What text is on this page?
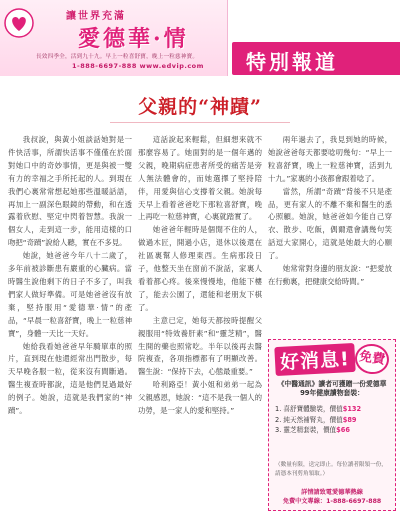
讓世界充滿
愛德華·情
長效四季全，活到九十九。早上一粒喜舒寶，晚上一粒慈神寶。
1-888-6697-888 www.edvip.com 特別報道
父親的“神蹟”

我叔說，與黃小姐談話她對是一件快活事，所謂快活事不僅僅在於面對她口中的奇妙事情，更是與被一雙有力的幸福之手所托起的人。到現在我們心裏常常想起她那些溫暖話語，再加上一副深色眼鏡的帶動，和在透露着欣慰、堅定中閃着智慧。我說一個女人，走到這一步，能用這樣的口吻把“奇蹟”說給人聽，實在不多見。

她說，她爸爸今年八十二歲了，多年前被診斷患有嚴重的心臟病。當時醫生說他剩下的日子不多了，叫我們家人做好準備。可是她爸爸沒有放棄，堅持服用“愛德華·情”的產品，“早晨一粒喜舒寶，晚上一粒慈神寶”，身體一天比一天好。

她給我看她爸爸早年騎單車的照片，直到現在他還經常出門散步，每天早晚各服一粒，從來沒有間斷過。醫生複查時都說，這是他們見過最好的例子。她說，這就是我們家的“神蹟”。

這話說起來輕鬆，但細想來就不那麼容易了。她面對的是一個年邁的父親，晚期病症患者所受的痛苦是旁人無法體會的，而她選擇了堅持陪伴，用愛與信心支撐着父親。她說每天早上看着爸爸吃下那粒喜舒寶，晚上再吃一粒慈神寶，心裏就踏實了。

她爸爸年輕時是個閒不住的人，做過木匠，開過小店，退休以後還在社區裏幫人修理東西。生病那段日子，他整天坐在窗前不說話，家裏人看着都心疼。後來慢慢地，他能下樓了，能去公園了，還能和老朋友下棋了。

主意已定，她每天都按時提醒父親服用“特效養肝素”和“靈芝精”，醫生開的藥也照常吃。半年以後再去醫院複查，各項指標都有了明顯改善。醫生說：“保持下去，心態最重要。”

哈利路亞！黃小姐和弟弟一起為父親感恩，她說：“這不是我一個人的功勞，是一家人的愛和堅持。”

兩年過去了，我見到她的時候，她說爸爸每天都要唸叨幾句：“早上一粒喜舒寶，晚上一粒慈神寶，活到九十九。”家裏的小孩都會跟着唸了。

當然，所謂“奇蹟”背後不只是產品，更有家人的不離不棄和醫生的悉心照顧。她說，她爸爸如今能自己穿衣、散步、吃飯，偶爾還會講幾句笑話逗大家開心，這就是她最大的心願了。

她常常對身邊的朋友說：“把愛放在行動裏，把健康交給時間。”

好消息! 免費
《中醫通訊》讀者可獲贈一份愛德華99年健康讀物套裝：
1. 喜舒寶體驗裝，價值$132
2. 純天然補腎丸，價值$89
3. 靈芝精套裝，價值$66
（數量有限，送完即止。每位讀者限領一份，請憑本刊剪角領取。）
詳情請致電愛德華熱線
免費中文專線：1-888-6697-888
